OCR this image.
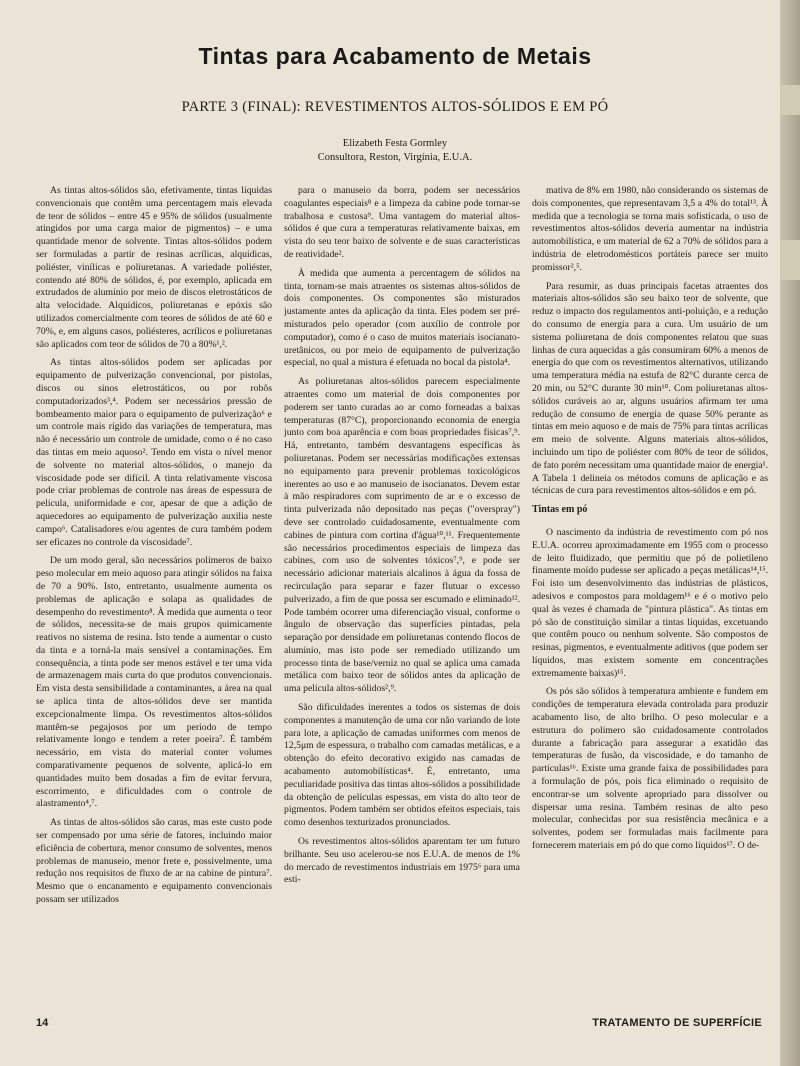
Tintas para Acabamento de Metais
PARTE 3 (FINAL): REVESTIMENTOS ALTOS-SÓLIDOS E EM PÓ
Elizabeth Festa Gormley
Consultora, Reston, Virgínia, E.U.A.

As tintas altos-sólidos são, efetivamente, tintas líquidas convencionais que contêm uma percentagem mais elevada de teor de sólidos – entre 45 e 95% de sólidos (usualmente atingidos por uma carga maior de pigmentos) – e uma quantidade menor de solvente. Tintas altos-sólidos podem ser formuladas a partir de resinas acrílicas, alquídicas, poliéster, vinílicas e poliuretanas. A variedade poliéster, contendo até 80% de sólidos, é, por exemplo, aplicada em extrudados de alumínio por meio de discos eletrostáticos de alta velocidade. Alquídicos, poliuretanas e epóxis são utilizados comercialmente com teores de sólidos de até 60 e 70%, e, em alguns casos, poliésteres, acrílicos e poliuretanas são aplicados com teor de sólidos de 70 a 80%¹,².

As tintas altos-sólidos podem ser aplicadas por equipamento de pulverização convencional, por pistolas, discos ou sinos eletrostáticos, ou por robôs computadorizados³,⁴. Podem ser necessários pressão de bombeamento maior para o equipamento de pulverização⁶ e um controle mais rígido das variações de temperatura, mas não é necessário um controle de umidade, como o é no caso das tintas em meio aquoso². Tendo em vista o nível menor de solvente no material altos-sólidos, o manejo da viscosidade pode ser difícil. A tinta relativamente viscosa pode criar problemas de controle nas áreas de espessura de película, uniformidade e cor, apesar de que a adição de aquecedores ao equipamento de pulverização auxilia neste campo⁶. Catalisadores e/ou agentes de cura também podem ser eficazes no controle da viscosidade⁷.

De um modo geral, são necessários polímeros de baixo peso molecular em meio aquoso para atingir sólidos na faixa de 70 a 90%. Isto, entretanto, usualmente aumenta os problemas de aplicação e solapa as qualidades de desempenho do revestimento⁸. À medida que aumenta o teor de sólidos, necessita-se de mais grupos quimicamente reativos no sistema de resina. Isto tende a aumentar o custo da tinta e a torná-la mais sensível a contaminações. Em consequência, a tinta pode ser menos estável e ter uma vida de armazenagem mais curta do que produtos convencionais. Em vista desta sensibilidade a contaminantes, a área na qual se aplica tinta de altos-sólidos deve ser mantida excepcionalmente limpa. Os revestimentos altos-sólidos mantêm-se pegajosos por um período de tempo relativamente longo e tendem a reter poeira⁷. É também necessário, em vista do material conter volumes comparativamente pequenos de solvente, aplicá-lo em quantidades muito bem dosadas a fim de evitar fervura, escorrimento, e dificuldades com o controle de alastramento⁴,⁷.

As tintas de altos-sólidos são caras, mas este custo pode ser compensado por uma série de fatores, incluindo maior eficiência de cobertura, menor consumo de solventes, menos problemas de manuseio, menor frete e, possivelmente, uma redução nos requisitos de fluxo de ar na cabine de pintura⁷. Mesmo que o encanamento e equipamento convencionais possam ser utilizados

para o manuseio da borra, podem ser necessários coagulantes especiais⁸ e a limpeza da cabine pode tornar-se trabalhosa e custosa⁹. Uma vantagem do material altos-sólidos é que cura a temperaturas relativamente baixas, em vista do seu teor baixo de solvente e de suas características de reatividade².

À medida que aumenta a percentagem de sólidos na tinta, tornam-se mais atraentes os sistemas altos-sólidos de dois componentes. Os componentes são misturados justamente antes da aplicação da tinta. Eles podem ser pré-misturados pelo operador (com auxílio de controle por computador), como é o caso de muitos materiais isocianato-uretânicos, ou por meio de equipamento de pulverização especial, no qual a mistura é efetuada no bocal da pistola⁴.

As poliuretanas altos-sólidos parecem especialmente atraentes como um material de dois componentes por poderem ser tanto curadas ao ar como forneadas a baixas temperaturas (87°C), proporcionando economia de energia junto com boa aparência e com boas propriedades físicas⁷,⁹. Há, entretanto, também desvantagens específicas às poliuretanas. Podem ser necessárias modificações extensas no equipamento para prevenir problemas toxicológicos inerentes ao uso e ao manuseio de isocianatos. Devem estar à mão respiradores com suprimento de ar e o excesso de tinta pulverizada não depositado nas peças ("overspray") deve ser controlado cuidadosamente, eventualmente com cabines de pintura com cortina d'água¹⁰,¹¹. Frequentemente são necessários procedimentos especiais de limpeza das cabines, com uso de solventes tóxicos⁷,⁹, e pode ser necessário adicionar materiais alcalinos à água da fossa de recirculação para separar e fazer flutuar o excesso pulverizado, a fim de que possa ser escumado e eliminado¹². Pode também ocorrer uma diferenciação visual, conforme o ângulo de observação das superfícies pintadas, pela separação por densidade em poliuretanas contendo flocos de alumínio, mas isto pode ser remediado utilizando um processo tinta de base/verniz no qual se aplica uma camada metálica com baixo teor de sólidos antes da aplicação de uma película altos-sólidos²,⁹.

São dificuldades inerentes a todos os sistemas de dois componentes a manutenção de uma cor não variando de lote para lote, a aplicação de camadas uniformes com menos de 12,5μm de espessura, o trabalho com camadas metálicas, e a obtenção do efeito decorativo exigido nas camadas de acabamento automobilísticas⁴. É, entretanto, uma peculiaridade positiva das tintas altos-sólidos a possibilidade da obtenção de películas espessas, em vista do alto teor de pigmentos. Podem também ser obtidos efeitos especiais, tais como desenhos texturizados pronunciados.

Os revestimentos altos-sólidos aparentam ter um futuro brilhante. Seu uso acelerou-se nos E.U.A. de menos de 1% do mercado de revestimentos industriais em 1975⁶ para uma esti-

mativa de 8% em 1980, não considerando os sistemas de dois componentes, que representavam 3,5 a 4% do total¹³. À medida que a tecnologia se torna mais sofisticada, o uso de revestimentos altos-sólidos deveria aumentar na indústria automobilística, e um material de 62 a 70% de sólidos para a indústria de eletrodomésticos portáteis parece ser muito promissor²,⁵.

Para resumir, as duas principais facetas atraentes dos materiais altos-sólidos são seu baixo teor de solvente, que reduz o impacto dos regulamentos anti-poluição, e a redução do consumo de energia para a cura. Um usuário de um sistema poliuretana de dois componentes relatou que suas linhas de cura aquecidas a gás consumiram 60% a menos de energia do que com os revestimentos alternativos, utilizando uma temperatura média na estufa de 82°C durante cerca de 20 min, ou 52°C durante 30 min¹⁰. Com poliuretanas altos-sólidos curáveis ao ar, alguns usuários afirmam ter uma redução de consumo de energia de quase 50% perante as tintas em meio aquoso e de mais de 75% para tintas acrílicas em meio de solvente. Alguns materiais altos-sólidos, incluindo um tipo de poliéster com 80% de teor de sólidos, de fato porém necessitam uma quantidade maior de energia¹. A Tabela 1 delineia os métodos comuns de aplicação e as técnicas de cura para revestimentos altos-sólidos e em pó.

Tintas em pó

O nascimento da indústria de revestimento com pó nos E.U.A. ocorreu aproximadamente em 1955 com o processo de leito fluidizado, que permitiu que pó de polietileno finamente moído pudesse ser aplicado a peças metálicas¹⁴,¹⁵. Foi isto um desenvolvimento das indústrias de plásticos, adesivos e compostos para moldagem¹⁶ e é o motivo pelo qual às vezes é chamada de "pintura plástica". As tintas em pó são de constituição similar a tintas líquidas, excetuando que contêm pouco ou nenhum solvente. São compostos de resinas, pigmentos, e eventualmente aditivos (que podem ser líquidos, mas existem somente em concentrações extremamente baixas)¹⁵.

Os pós são sólidos à temperatura ambiente e fundem em condições de temperatura elevada controlada para produzir acabamento liso, de alto brilho. O peso molecular e a estrutura do polímero são cuidadosamente controlados durante a fabricação para assegurar a exatidão das temperaturas de fusão, da viscosidade, e do tamanho de partículas¹⁶. Existe uma grande faixa de possibilidades para a formulação de pós, pois fica eliminado o requisito de encontrar-se um solvente apropriado para dissolver ou dispersar uma resina. Também resinas de alto peso molecular, conhecidas por sua resistência mecânica e a solventes, podem ser formuladas mais facilmente para fornecerem materiais em pó do que como líquidos¹⁷. O de-

14	TRATAMENTO DE SUPERFÍCIE
